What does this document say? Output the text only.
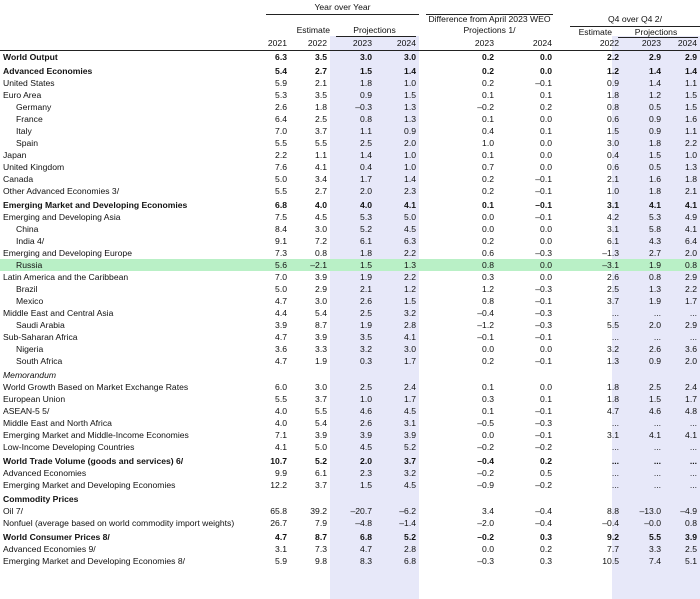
Year over Year
Difference from April 2023 WEO
Projections 1/
Q4 over Q4 2/
Estimate	Projections	Estimate	Projections
	2021	2022	2023	2024	2023	2024	2022	2023	2024
World Output	6.3	3.5	3.0	3.0	0.2	0.0	2.2	2.9	2.9

Advanced Economies	5.4	2.7	1.5	1.4	0.2	0.0	1.2	1.4	1.4
United States	5.9	2.1	1.8	1.0	0.2	–0.1	0.9	1.4	1.1
Euro Area	5.3	3.5	0.9	1.5	0.1	0.1	1.8	1.2	1.5
Germany	2.6	1.8	–0.3	1.3	–0.2	0.2	0.8	0.5	1.5
France	6.4	2.5	0.8	1.3	0.1	0.0	0.6	0.9	1.6
Italy	7.0	3.7	1.1	0.9	0.4	0.1	1.5	0.9	1.1
Spain	5.5	5.5	2.5	2.0	1.0	0.0	3.0	1.8	2.2
Japan	2.2	1.1	1.4	1.0	0.1	0.0	0.4	1.5	1.0
United Kingdom	7.6	4.1	0.4	1.0	0.7	0.0	0.6	0.5	1.3
Canada	5.0	3.4	1.7	1.4	0.2	–0.1	2.1	1.6	1.8
Other Advanced Economies 3/	5.5	2.7	2.0	2.3	0.2	–0.1	1.0	1.8	2.1

Emerging Market and Developing Economies	6.8	4.0	4.0	4.1	0.1	–0.1	3.1	4.1	4.1
Emerging and Developing Asia	7.5	4.5	5.3	5.0	0.0	–0.1	4.2	5.3	4.9
China	8.4	3.0	5.2	4.5	0.0	0.0	3.1	5.8	4.1
India 4/	9.1	7.2	6.1	6.3	0.2	0.0	6.1	4.3	6.4
Emerging and Developing Europe	7.3	0.8	1.8	2.2	0.6	–0.3	–1.3	2.7	2.0
Russia	5.6	–2.1	1.5	1.3	0.8	0.0	–3.1	1.9	0.8
Latin America and the Caribbean	7.0	3.9	1.9	2.2	0.3	0.0	2.6	0.8	2.9
Brazil	5.0	2.9	2.1	1.2	1.2	–0.3	2.5	1.3	2.2
Mexico	4.7	3.0	2.6	1.5	0.8	–0.1	3.7	1.9	1.7
Middle East and Central Asia	4.4	5.4	2.5	3.2	–0.4	–0.3	...	...	...
Saudi Arabia	3.9	8.7	1.9	2.8	–1.2	–0.3	5.5	2.0	2.9
Sub-Saharan Africa	4.7	3.9	3.5	4.1	–0.1	–0.1	...	...	...
Nigeria	3.6	3.3	3.2	3.0	0.0	0.0	3.2	2.6	3.6
South Africa	4.7	1.9	0.3	1.7	0.2	–0.1	1.3	0.9	2.0

Memorandum									
World Growth Based on Market Exchange Rates	6.0	3.0	2.5	2.4	0.1	0.0	1.8	2.5	2.4
European Union	5.5	3.7	1.0	1.7	0.3	0.1	1.8	1.5	1.7
ASEAN-5 5/	4.0	5.5	4.6	4.5	0.1	–0.1	4.7	4.6	4.8
Middle East and North Africa	4.0	5.4	2.6	3.1	–0.5	–0.3	...	...	...
Emerging Market and Middle-Income Economies	7.1	3.9	3.9	3.9	0.0	–0.1	3.1	4.1	4.1
Low-Income Developing Countries	4.1	5.0	4.5	5.2	–0.2	–0.2	...	...	...

World Trade Volume (goods and services) 6/	10.7	5.2	2.0	3.7	–0.4	0.2	...	...	...
Advanced Economies	9.9	6.1	2.3	3.2	–0.2	0.5	...	...	...
Emerging Market and Developing Economies	12.2	3.7	1.5	4.5	–0.9	–0.2	...	...	...

Commodity Prices									
Oil 7/	65.8	39.2	–20.7	–6.2	3.4	–0.4	8.8	–13.0	–4.9
Nonfuel (average based on world commodity import weights)	26.7	7.9	–4.8	–1.4	–2.0	–0.4	–0.4	–0.0	0.8

World Consumer Prices 8/	4.7	8.7	6.8	5.2	–0.2	0.3	9.2	5.5	3.9
Advanced Economies 9/	3.1	7.3	4.7	2.8	0.0	0.2	7.7	3.3	2.5
Emerging Market and Developing Economies 8/	5.9	9.8	8.3	6.8	–0.3	0.3	10.5	7.4	5.1
